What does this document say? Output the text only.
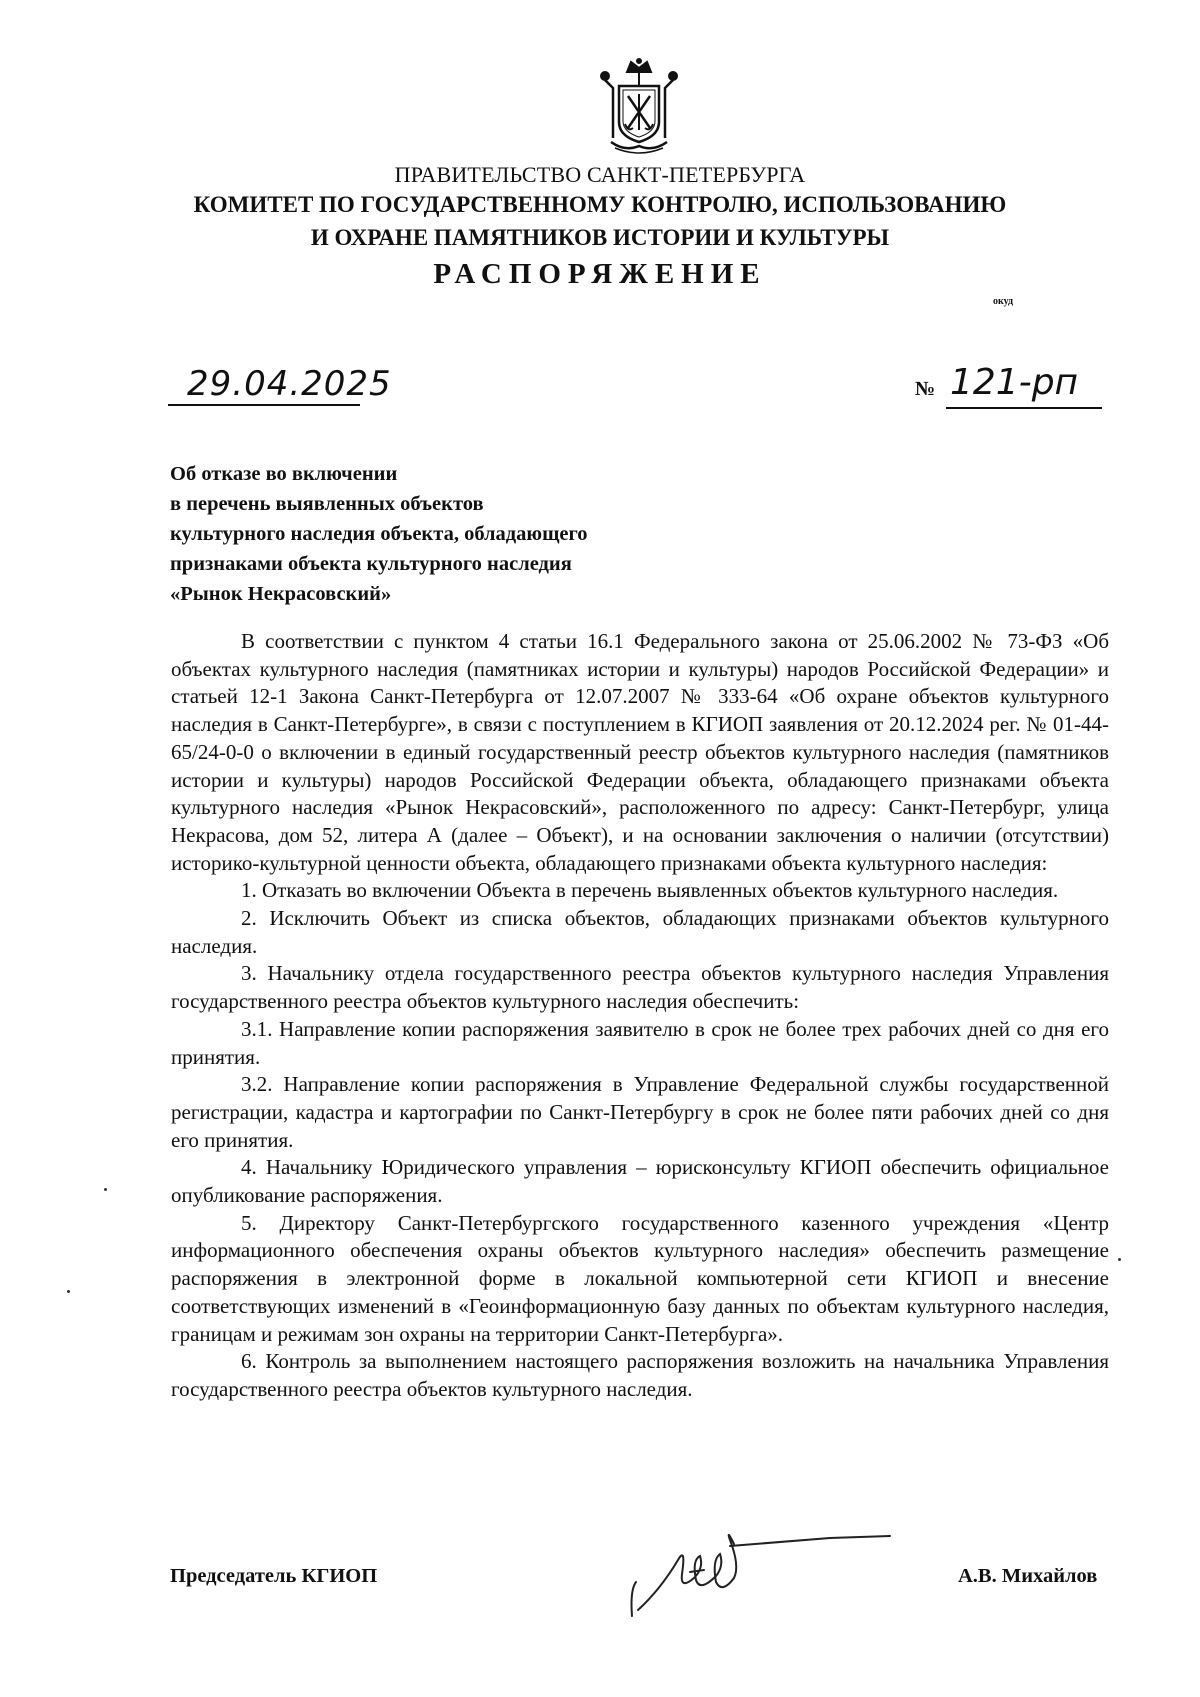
ПРАВИТЕЛЬСТВО САНКТ-ПЕТЕРБУРГА
КОМИТЕТ ПО ГОСУДАРСТВЕННОМУ КОНТРОЛЮ, ИСПОЛЬЗОВАНИЮ
И ОХРАНЕ ПАМЯТНИКОВ ИСТОРИИ И КУЛЬТУРЫ
РАСПОРЯЖЕНИЕ
окуд
29.04.2025	№ 121-рп
Об отказе во включении
в перечень выявленных объектов
культурного наследия объекта, обладающего
признаками объекта культурного наследия
«Рынок Некрасовский»

В соответствии с пунктом 4 статьи 16.1 Федерального закона от 25.06.2002 № 73-ФЗ «Об объектах культурного наследия (памятниках истории и культуры) народов Российской Федерации» и статьей 12-1 Закона Санкт-Петербурга от 12.07.2007 № 333-64 «Об охране объектов культурного наследия в Санкт-Петербурге», в связи с поступлением в КГИОП заявления от 20.12.2024 рег. № 01-44-65/24-0-0 о включении в единый государственный реестр объектов культурного наследия (памятников истории и культуры) народов Российской Федерации объекта, обладающего признаками объекта культурного наследия «Рынок Некрасовский», расположенного по адресу: Санкт-Петербург, улица Некрасова, дом 52, литера А (далее – Объект), и на основании заключения о наличии (отсутствии) историко-культурной ценности объекта, обладающего признаками объекта культурного наследия:

1. Отказать во включении Объекта в перечень выявленных объектов культурного наследия.

2. Исключить Объект из списка объектов, обладающих признаками объектов культурного наследия.

3. Начальнику отдела государственного реестра объектов культурного наследия Управления государственного реестра объектов культурного наследия обеспечить:

3.1. Направление копии распоряжения заявителю в срок не более трех рабочих дней со дня его принятия.

3.2. Направление копии распоряжения в Управление Федеральной службы государственной регистрации, кадастра и картографии по Санкт-Петербургу в срок не более пяти рабочих дней со дня его принятия.

4. Начальнику Юридического управления – юрисконсульту КГИОП обеспечить официальное опубликование распоряжения.

5. Директору Санкт-Петербургского государственного казенного учреждения «Центр информационного обеспечения охраны объектов культурного наследия» обеспечить размещение распоряжения в электронной форме в локальной компьютерной сети КГИОП и внесение соответствующих изменений в «Геоинформационную базу данных по объектам культурного наследия, границам и режимам зон охраны на территории Санкт-Петербурга».

6. Контроль за выполнением настоящего распоряжения возложить на начальника Управления государственного реестра объектов культурного наследия.

Председатель КГИОП	А.В. Михайлов
